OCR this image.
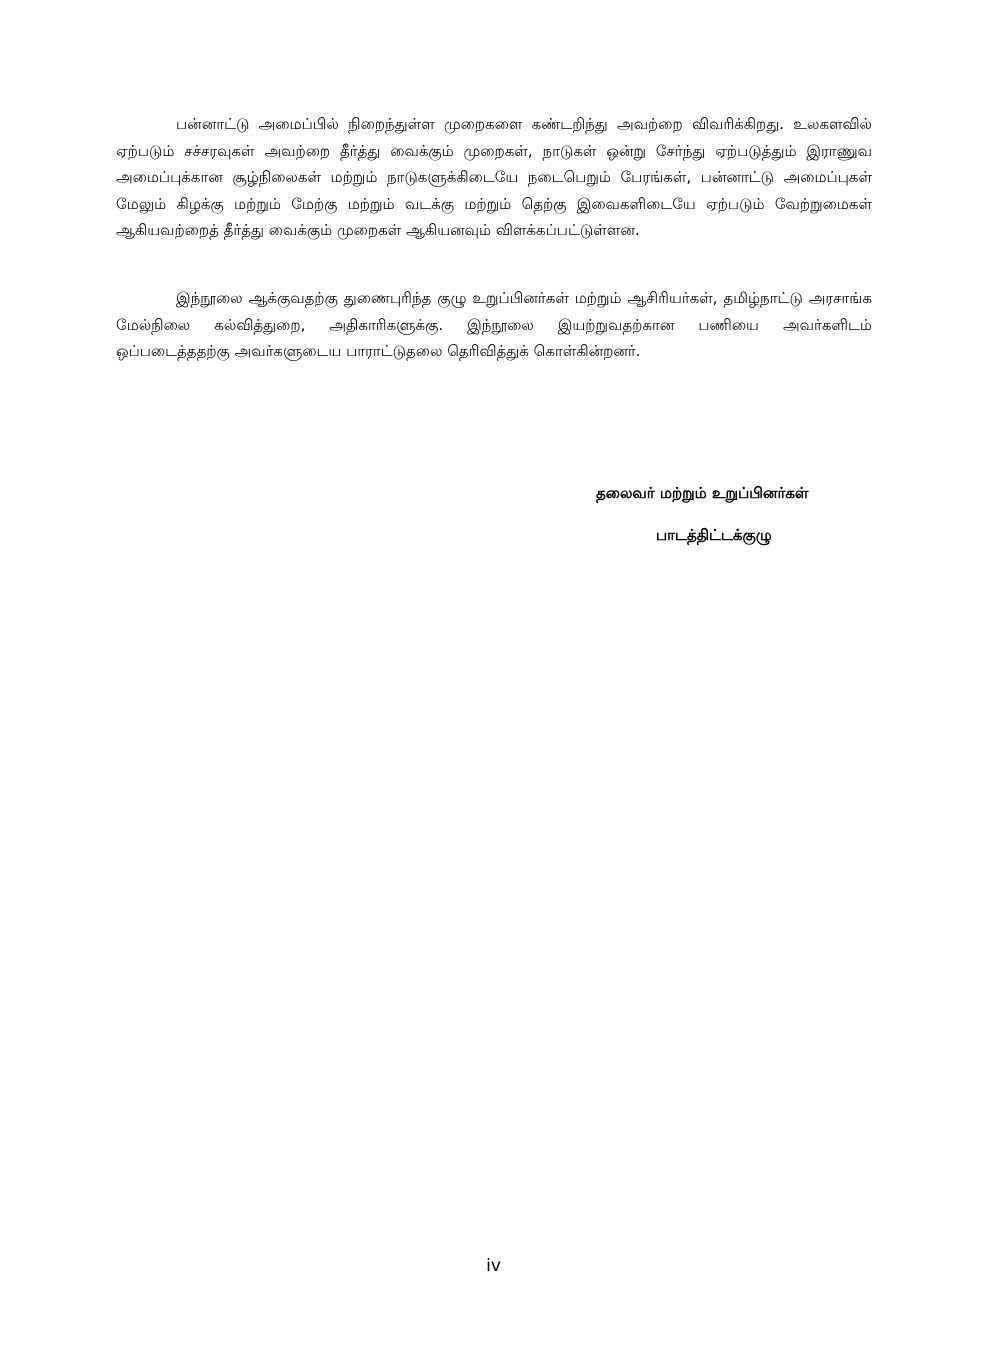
பன்னாட்டு அமைப்பில் நிறைந்துள்ள முறைகளை கண்டறிந்து அவற்றை விவரிக்கிறது. உலகளவில் ஏற்படும் சச்சரவுகள் அவற்றை தீர்த்து வைக்கும் முறைகள், நாடுகள் ஒன்று சேர்ந்து ஏற்படுத்தும் இராணுவ அமைப்புக்கான சூழ்நிலைகள் மற்றும் நாடுகளுக்கிடையே நடைபெறும் பேரங்கள், பன்னாட்டு அமைப்புகள் மேலும் கிழக்கு மற்றும் மேற்கு மற்றும் வடக்கு மற்றும் தெற்கு இவைகளிடையே ஏற்படும் வேற்றுமைகள் ஆகியவற்றைத் தீர்த்து வைக்கும் முறைகள் ஆகியனவும் விளக்கப்பட்டுள்ளன.

இந்நூலை ஆக்குவதற்கு துணைபுரிந்த குழு உறுப்பினர்கள் மற்றும் ஆசிரியர்கள், தமிழ்நாட்டு அரசாங்க மேல்நிலை கல்வித்துறை, அதிகாரிகளுக்கு. இந்நூலை இயற்றுவதற்கான பணியை அவர்களிடம் ஒப்படைத்ததற்கு அவர்களுடைய பாராட்டுதலை தெரிவித்துக் கொள்கின்றனர்.

தலைவர் மற்றும் உறுப்பினர்கள்

பாடத்திட்டக்குழு

iv
